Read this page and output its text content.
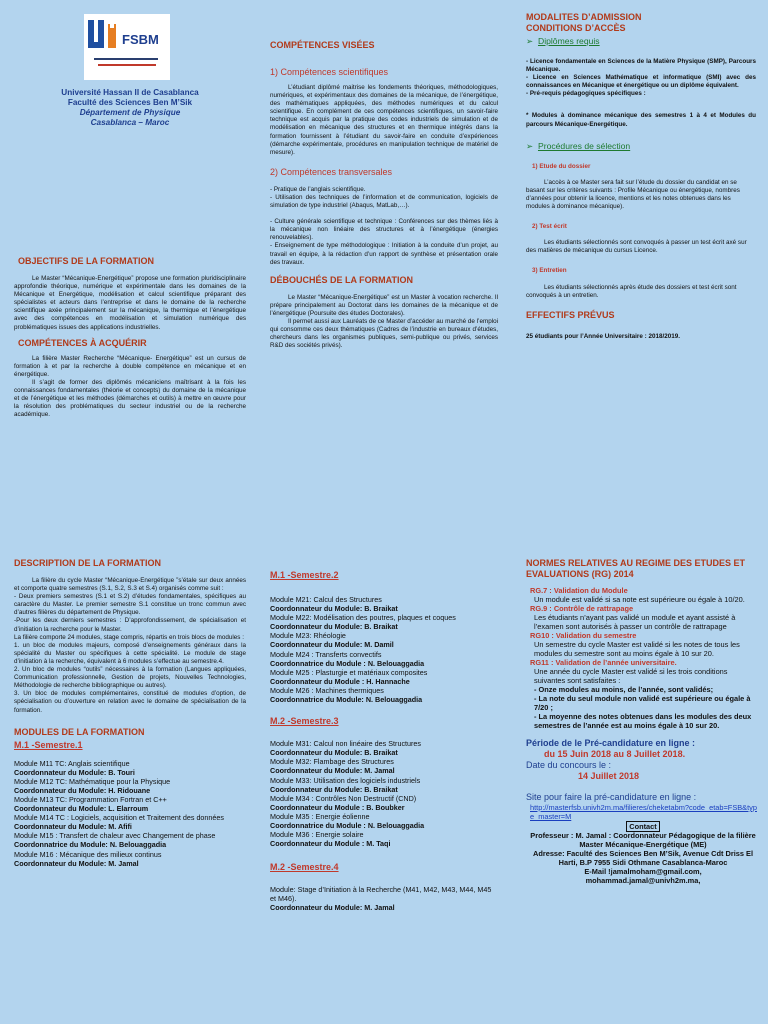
FSBM

Université Hassan II de Casablanca

Faculté des Sciences Ben M’Sik

Département de Physique

Casablanca – Maroc

OBJECTIFS DE LA FORMATION

Le Master “Mécanique-Energétique” propose une formation pluridisciplinaire approfondie théorique, numérique et expérimentale dans les domaines de la Mécanique et Energétique, modélisation et calcul scientifique préparant des spécialistes et acteurs dans l’entreprise et dans le domaine de la recherche scientifique axée principalement sur la mécanique, la thermique et l’énergétique avec des compétences en modélisation et simulation numérique des problématiques issues des applications industrielles.

COMPÉTENCES À ACQUÉRIR

La filière Master Recherche “Mécanique- Energétique” est un cursus de formation à et par la recherche à double compétence en mécanique et en énergétique.

Il s’agit de former des diplômés mécaniciens maîtrisant à la fois les connaissances fondamentales (théorie et concepts) du domaine de la mécanique et de l’énergétique et les méthodes (démarches et outils) à mettre en œuvre pour la résolution des problématiques du secteur industriel ou de la recherche académique.

COMPÉTENCES VISÉES

1) Compétences scientifiques

L’étudiant diplômé maitrise les fondements théoriques, méthodologiques, numériques, et expérimentaux des domaines de la mécanique, de l’énergétique, des mathématiques appliquées, des méthodes numériques et du calcul scientifique. En complément de ces compétences scientifiques, un savoir-faire technique est acquis par la pratique des codes industriels de simulation et de modélisation en mécanique des structures et en thermique intégrés dans la formation fournissent à l’étudiant du savoir-faire en conduite d’expériences (démarche expérimentale, procédures en manipulation technique de matériel de mesure).

2) Compétences transversales

- Pratique de l’anglais scientifique.

- Utilisation des techniques de l’information et de communication, logiciels de simulation de type industriel (Abaqus, MatLab,…).

- Culture générale scientifique et technique : Conférences sur des thèmes liés à la mécanique non linéaire des structures et à l’énergétique (énergies renouvelables).

- Enseignement de type méthodologique : Initiation à la conduite d’un projet, au travail en équipe, à la rédaction d’un rapport de synthèse et présentation orale des travaux.

DÉBOUCHÉS DE LA FORMATION

Le Master “Mécanique-Energétique” est un Master à vocation recherche. Il prépare principalement au Doctorat dans les domaines de la mécanique et de l’énergétique (Poursuite des études Doctorales).

Il permet aussi aux Lauréats de ce Master d’accéder au marché de l’emploi qui consomme ces deux thématiques (Cadres de l’industrie en bureaux d’études, chercheurs dans les organismes publiques, semi-publique ou privés, services R&D des sociétés privés).

MODALITES D’ADMISSION

CONDITIONS D’ACCÈS

➢ Diplômes requis

- Licence fondamentale en Sciences de la Matière Physique (SMP), Parcours Mécanique.
- Licence en Sciences Mathématique et informatique (SMI) avec des connaissances en Mécanique et énergétique ou un diplôme équivalent.
- Pré-requis pédagogiques spécifiques :

* Modules à dominance mécanique des semestres 1 à 4 et Modules du parcours Mécanique-Energétique.

➢ Procédures de sélection

1) Etude du dossier

L’accès à ce Master sera fait sur l’étude du dossier du candidat en se basant sur les critères suivants : Profile Mécanique ou énergétique, nombres d’années pour obtenir la licence, mentions et les notes obtenues dans les modules à dominance mécanique).

2) Test écrit

Les étudiants sélectionnés sont convoqués à passer un test écrit axé sur des matières de mécanique du cursus Licence.

3) Entretien

Les étudiants sélectionnés après étude des dossiers et test écrit sont convoqués à un entretien.

EFFECTIFS PRÉVUS

25 étudiants pour l’Année Universitaire : 2018/2019.

DESCRIPTION DE LA FORMATION

La filière du cycle Master “Mécanique-Energétique ”s’étale sur deux années et comporte quatre semestres (S.1, S.2, S.3 et S.4) organisés comme suit :

- Deux premiers semestres (S.1 et S.2) d’études fondamentales, spécifiques au caractère du Master. Le premier semestre S.1 constitue un tronc commun avec d’autres filières du département de Physique.

-Pour les deux derniers semestres : D’approfondissement, de spécialisation et d’initiation la recherche pour le Master.

La filière comporte 24 modules, stage compris, répartis en trois blocs de modules :

1. un bloc de modules majeurs, composé d’enseignements généraux dans la spécialité du Master ou spécifiques à cette spécialité. Le module de stage d’initiation à la recherche, équivalent à 6 modules s’effectue au semestre.4.

2. Un bloc de modules “outils” nécessaires à la formation (Langues appliquées, Communication professionnelle, Gestion de projets, Nouvelles Technologies, Méthodologie de recherche bibliographique ou autres).

3. Un bloc de modules complémentaires, constitué de modules d’option, de spécialisation ou d’ouverture en relation avec le domaine de spécialisation de la formation.

MODULES DE LA FORMATION

M.1 -Semestre.1

Module M11 TC: Anglais scientifique

Coordonnateur du Module: B. Touri

Module M12 TC: Mathématique pour la Physique

Coordonnateur du Module: H. Ridouane

Module M13 TC: Programmation Fortran et C++

Coordonnateur du Module: L. Elarroum

Module M14 TC : Logiciels, acquisition et Traitement des données

Coordonnateur du Module: M. Afifi

Module M15 : Transfert de chaleur avec Changement de phase

Coordonnatrice du Module: N. Belouaggadia

Module M16 : Mécanique des milieux continus

Coordonnateur du Module: M. Jamal

M.1 -Semestre.2

Module M21: Calcul des Structures

Coordonnateur du Module: B. Braikat

Module M22: Modélisation des poutres, plaques et coques

Coordonnateur du Module: B. Braikat

Module M23: Rhéologie

Coordonnateur du Module: M. Damil

Module M24 : Transferts convectifs

Coordonnatrice du Module : N. Belouaggadia

Module M25 : Plasturgie et matériaux composites

Coordonnateur du Module : H. Hannache

Module M26 : Machines thermiques

Coordonnatrice du Module: N. Belouaggadia

M.2 -Semestre.3

Module M31: Calcul non linéaire des Structures

Coordonnateur du Module: B. Braikat

Module M32: Flambage des Structures

Coordonnateur du Module: M. Jamal

Module M33: Utilisation des logiciels industriels

Coordonnateur du Module: B. Braikat

Module M34 : Contrôles Non Destructif (CND)

Coordonnateur du Module : B. Boubker

Module M35 : Energie éolienne

Coordonnatrice du Module : N. Belouaggadia

Module M36 : Energie solaire

Coordonnateur du Module : M. Taqi

M.2 -Semestre.4

Module: Stage d’Initiation à la Recherche (M41, M42, M43, M44, M45 et M46).

Coordonnateur du Module: M. Jamal

NORMES RELATIVES AU REGIME DES ETUDES ET EVALUATIONS (RG) 2014

RG.7 : Validation du Module

Un module est validé si sa note est supérieure ou égale à 10/20.

RG.9 : Contrôle de rattrapage

Les étudiants n’ayant pas validé un module et ayant assisté à l’examen sont autorisés à passer un contrôle de rattrapage

RG10 : Validation du semestre

Un semestre du cycle Master est validé si les notes de tous les modules du semestre sont au moins égale à 10 sur 20.

RG11 : Validation de l’année universitaire.

Une année du cycle Master est validé si les trois conditions suivantes sont satisfaites :

- Onze modules au moins, de l’année, sont validés;

- La note du seul module non validé est supérieure ou égale à 7/20 ;

- La moyenne des notes obtenues dans les modules des deux semestres de l’année est au moins égale à 10 sur 20.

Période de le Pré-candidature en ligne :

du 15 Juin 2018 au 8 Juillet 2018.

Date du concours le :

14 Juillet 2018

Site pour faire la pré-candidature en ligne :

http://masterfsb.univh2m.ma/filieres/cheketabm?code_etab=FSB&type_master=M

Contact

Professeur : M. Jamal : Coordonnateur Pédagogique de la filière Master Mécanique-Energétique (ME)

Adresse: Faculté des Sciences Ben M’Sik, Avenue Cdt Driss El Harti, B.P 7955 Sidi Othmane Casablanca-Maroc

E-Mail !jamalmoham@gmail.com,

mohammad.jamal@univh2m.ma,
